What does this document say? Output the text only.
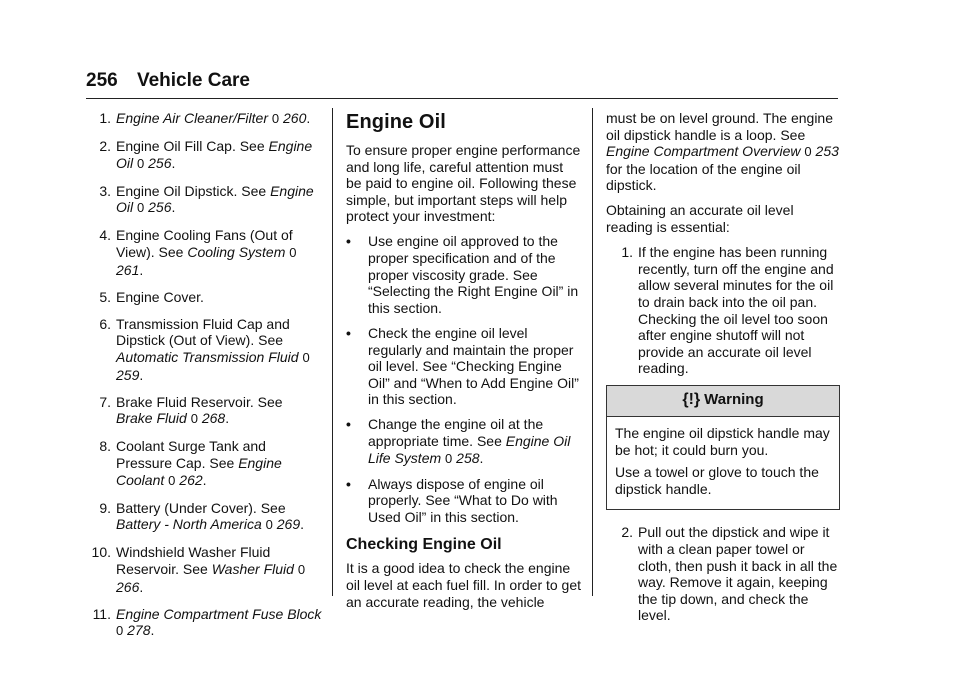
256 Vehicle Care
1. Engine Air Cleaner/Filter 0 260.
2. Engine Oil Fill Cap. See Engine Oil 0 256.
3. Engine Oil Dipstick. See Engine Oil 0 256.
4. Engine Cooling Fans (Out of View). See Cooling System 0 261.
5. Engine Cover.
6. Transmission Fluid Cap and Dipstick (Out of View). See Automatic Transmission Fluid 0 259.
7. Brake Fluid Reservoir. See Brake Fluid 0 268.
8. Coolant Surge Tank and Pressure Cap. See Engine Coolant 0 262.
9. Battery (Under Cover). See Battery - North America 0 269.
10. Windshield Washer Fluid Reservoir. See Washer Fluid 0 266.
11. Engine Compartment Fuse Block 0 278.
Engine Oil

To ensure proper engine performance and long life, careful attention must be paid to engine oil. Following these simple, but important steps will help protect your investment:

•	Use engine oil approved to the proper specification and of the proper viscosity grade. See “Selecting the Right Engine Oil” in this section.
•	Check the engine oil level regularly and maintain the proper oil level. See “Checking Engine Oil” and “When to Add Engine Oil” in this section.
•	Change the engine oil at the appropriate time. See Engine Oil Life System 0 258.
•	Always dispose of engine oil properly. See “What to Do with Used Oil” in this section.
Checking Engine Oil

It is a good idea to check the engine oil level at each fuel fill. In order to get an accurate reading, the vehicle

must be on level ground. The engine oil dipstick handle is a loop. See Engine Compartment Overview 0 253 for the location of the engine oil dipstick.

Obtaining an accurate oil level reading is essential:

1. If the engine has been running recently, turn off the engine and allow several minutes for the oil to drain back into the oil pan. Checking the oil level too soon after engine shutoff will not provide an accurate oil level reading.
{!} Warning

The engine oil dipstick handle may be hot; it could burn you.

Use a towel or glove to touch the dipstick handle.

2. Pull out the dipstick and wipe it with a clean paper towel or cloth, then push it back in all the way. Remove it again, keeping the tip down, and check the level.
